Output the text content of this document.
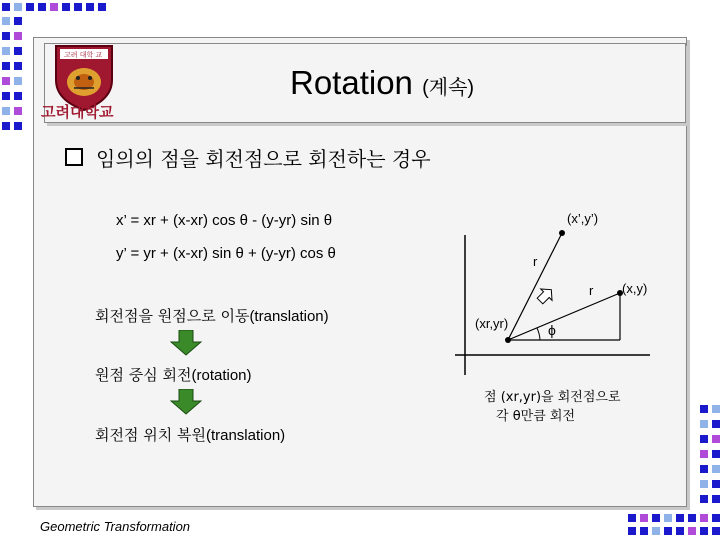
고려 대학 교
고려대학교
Rotation (계속)
임의의 점을 회전점으로 회전하는 경우
x’ = xr + (x-xr) cos θ - (y-yr) sin θ
y’ = yr + (x-xr) sin θ + (y-yr) cos θ
회전점을 원점으로 이동(translation)
원점 중심 회전(rotation)
회전점 위치 복원(translation)
(x’,y’)
(x,y)
(xr,yr)
r
r
ϕ
점 (xr,yr)을 회전점으로
각 θ만큼 회전
Geometric Transformation
